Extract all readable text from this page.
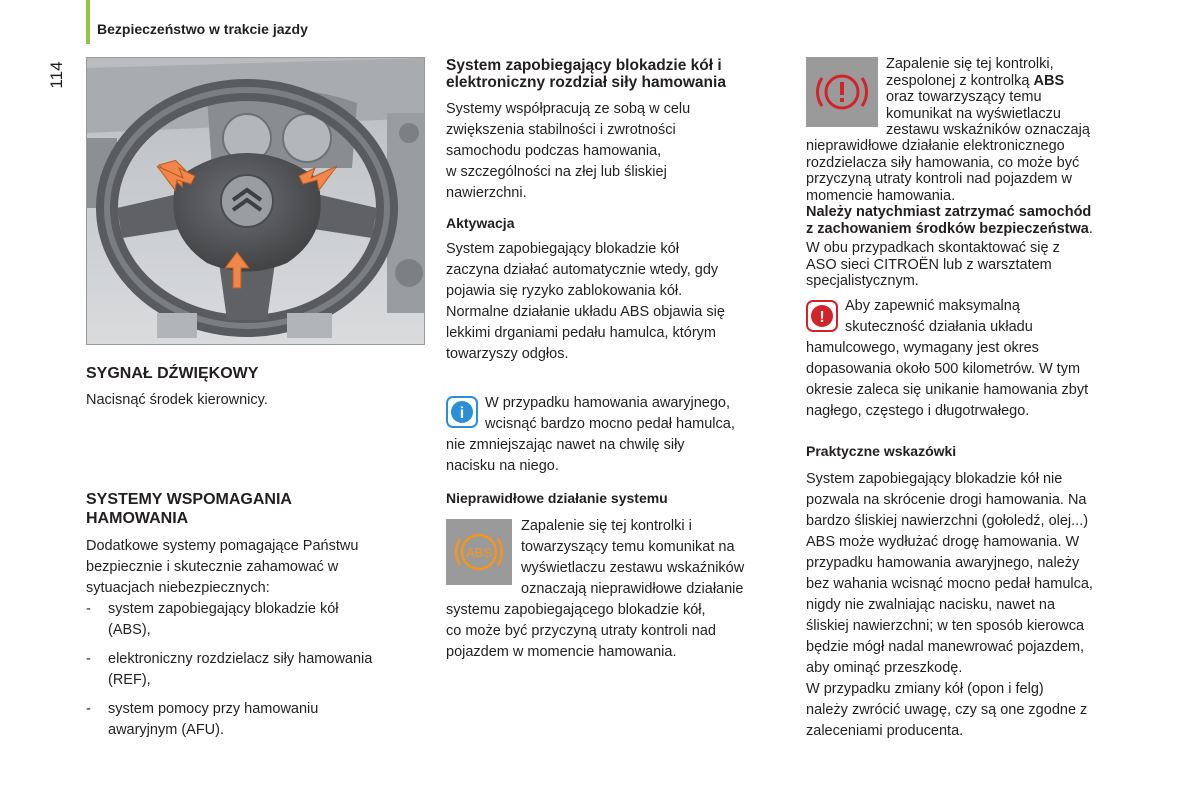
Bezpieczeństwo w trakcie jazdy
114
SYGNAŁ DŹWIĘKOWY
Nacisnąć środek kierownicy.
SYSTEMY WSPOMAGANIA
HAMOWANIA
Dodatkowe systemy pomagające Państwu
bezpiecznie i skutecznie zahamować w
sytuacjach niebezpiecznych:
- system zapobiegający blokadzie kół
(ABS),
- elektroniczny rozdzielacz siły hamowania
(REF),
- system pomocy przy hamowaniu
awaryjnym (AFU).
System zapobiegający blokadzie kół i
elektroniczny rozdział siły hamowania
Systemy współpracują ze sobą w celu
zwiększenia stabilności i zwrotności
samochodu podczas hamowania,
w szczególności na złej lub śliskiej
nawierzchni.
Aktywacja
System zapobiegający blokadzie kół
zaczyna działać automatycznie wtedy, gdy
pojawia się ryzyko zablokowania kół.
Normalne działanie układu ABS objawia się
lekkimi drganiami pedału hamulca, którym
towarzyszy odgłos.
i
W przypadku hamowania awaryjnego,
wcisnąć bardzo mocno pedał hamulca,
nie zmniejszając nawet na chwilę siły
nacisku na niego.
Nieprawidłowe działanie systemu
ABS
Zapalenie się tej kontrolki i
towarzyszący temu komunikat na
wyświetlaczu zestawu wskaźników
oznaczają nieprawidłowe działanie
systemu zapobiegającego blokadzie kół,
co może być przyczyną utraty kontroli nad
pojazdem w momencie hamowania.
Zapalenie się tej kontrolki,
zespolonej z kontrolką ABS
oraz towarzyszący temu
komunikat na wyświetlaczu
zestawu wskaźników oznaczają
nieprawidłowe działanie elektronicznego
rozdzielacza siły hamowania, co może być
przyczyną utraty kontroli nad pojazdem w
momencie hamowania.
Należy natychmiast zatrzymać samochód
z zachowaniem środków bezpieczeństwa.
W obu przypadkach skontaktować się z
ASO sieci CITROËN lub z warsztatem
specjalistycznym.
!
Aby zapewnić maksymalną
skuteczność działania układu
hamulcowego, wymagany jest okres
dopasowania około 500 kilometrów. W tym
okresie zaleca się unikanie hamowania zbyt
nagłego, częstego i długotrwałego.
Praktyczne wskazówki
System zapobiegający blokadzie kół nie
pozwala na skrócenie drogi hamowania. Na
bardzo śliskiej nawierzchni (gołoledź, olej...)
ABS może wydłużać drogę hamowania. W
przypadku hamowania awaryjnego, należy
bez wahania wcisnąć mocno pedał hamulca,
nigdy nie zwalniając nacisku, nawet na
śliskiej nawierzchni; w ten sposób kierowca
będzie mógł nadal manewrować pojazdem,
aby ominąć przeszkodę.
W przypadku zmiany kół (opon i felg)
należy zwrócić uwagę, czy są one zgodne z
zaleceniami producenta.
